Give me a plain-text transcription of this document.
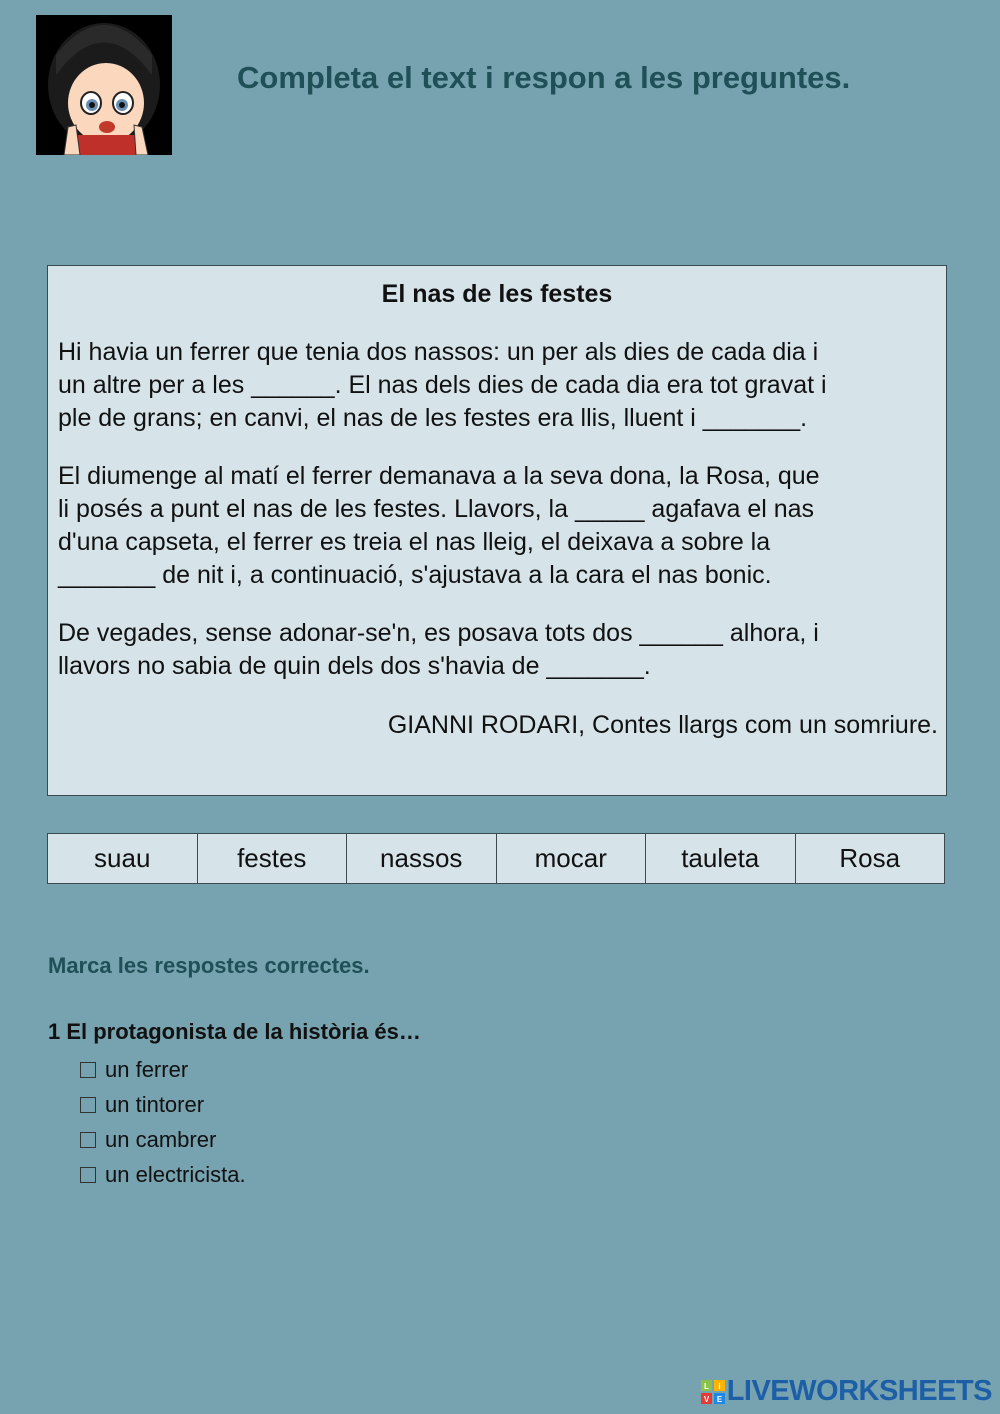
Completa el text i respon a les preguntes.
El nas de les festes
Hi havia un ferrer que tenia dos nassos: un per als dies de cada dia i
un altre per a les ______. El nas dels dies de cada dia era tot gravat i
ple de grans; en canvi, el nas de les festes era llis, lluent i _______.
El diumenge al matí el ferrer demanava a la seva dona, la Rosa, que
li posés a punt el nas de les festes. Llavors, la _____ agafava el nas
d'una capseta, el ferrer es treia el nas lleig, el deixava a sobre la
_______ de nit i, a continuació, s'ajustava a la cara el nas bonic.
De vegades, sense adonar-se'n, es posava tots dos ______ alhora, i
llavors no sabia de quin dels dos s'havia de _______.
GIANNI RODARI, Contes llargs com un somriure.
suau	festes	nassos	mocar	tauleta	Rosa
Marca les respostes correctes.
1 El protagonista de la història és…
un ferrer
un tintorer
un cambrer
un electricista.
L I
V E LIVEWORKSHEETS
